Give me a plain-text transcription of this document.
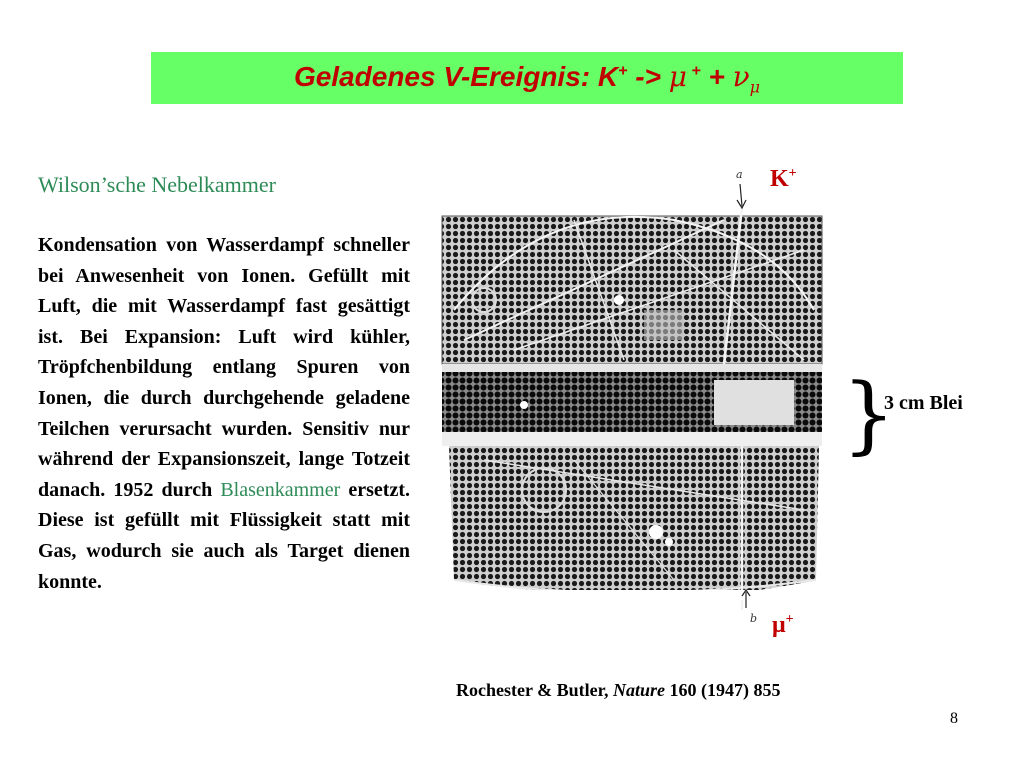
Geladenes V-Ereignis: K+ -> μ $^+ + \nu_\mu$
Wilson’sche Nebelkammer
Kondensation von Wasserdampf schneller bei Anwesenheit von Ionen. Gefüllt mit Luft, die mit Wasserdampf fast gesättigt ist. Bei Expansion: Luft wird kühler, Tröpfchenbildung entlang Spuren von Ionen, die durch durchgehende geladene Teilchen verursacht wurden. Sensitiv nur während der Expansionszeit, lange Totzeit danach. 1952 durch Blasenkammer ersetzt. Diese ist gefüllt mit Flüssigkeit statt mit Gas, wodurch sie auch als Target dienen konnte.
a
b
K+
μ+
}
3 cm Blei
Rochester & Butler, Nature 160 (1947) 855
8
